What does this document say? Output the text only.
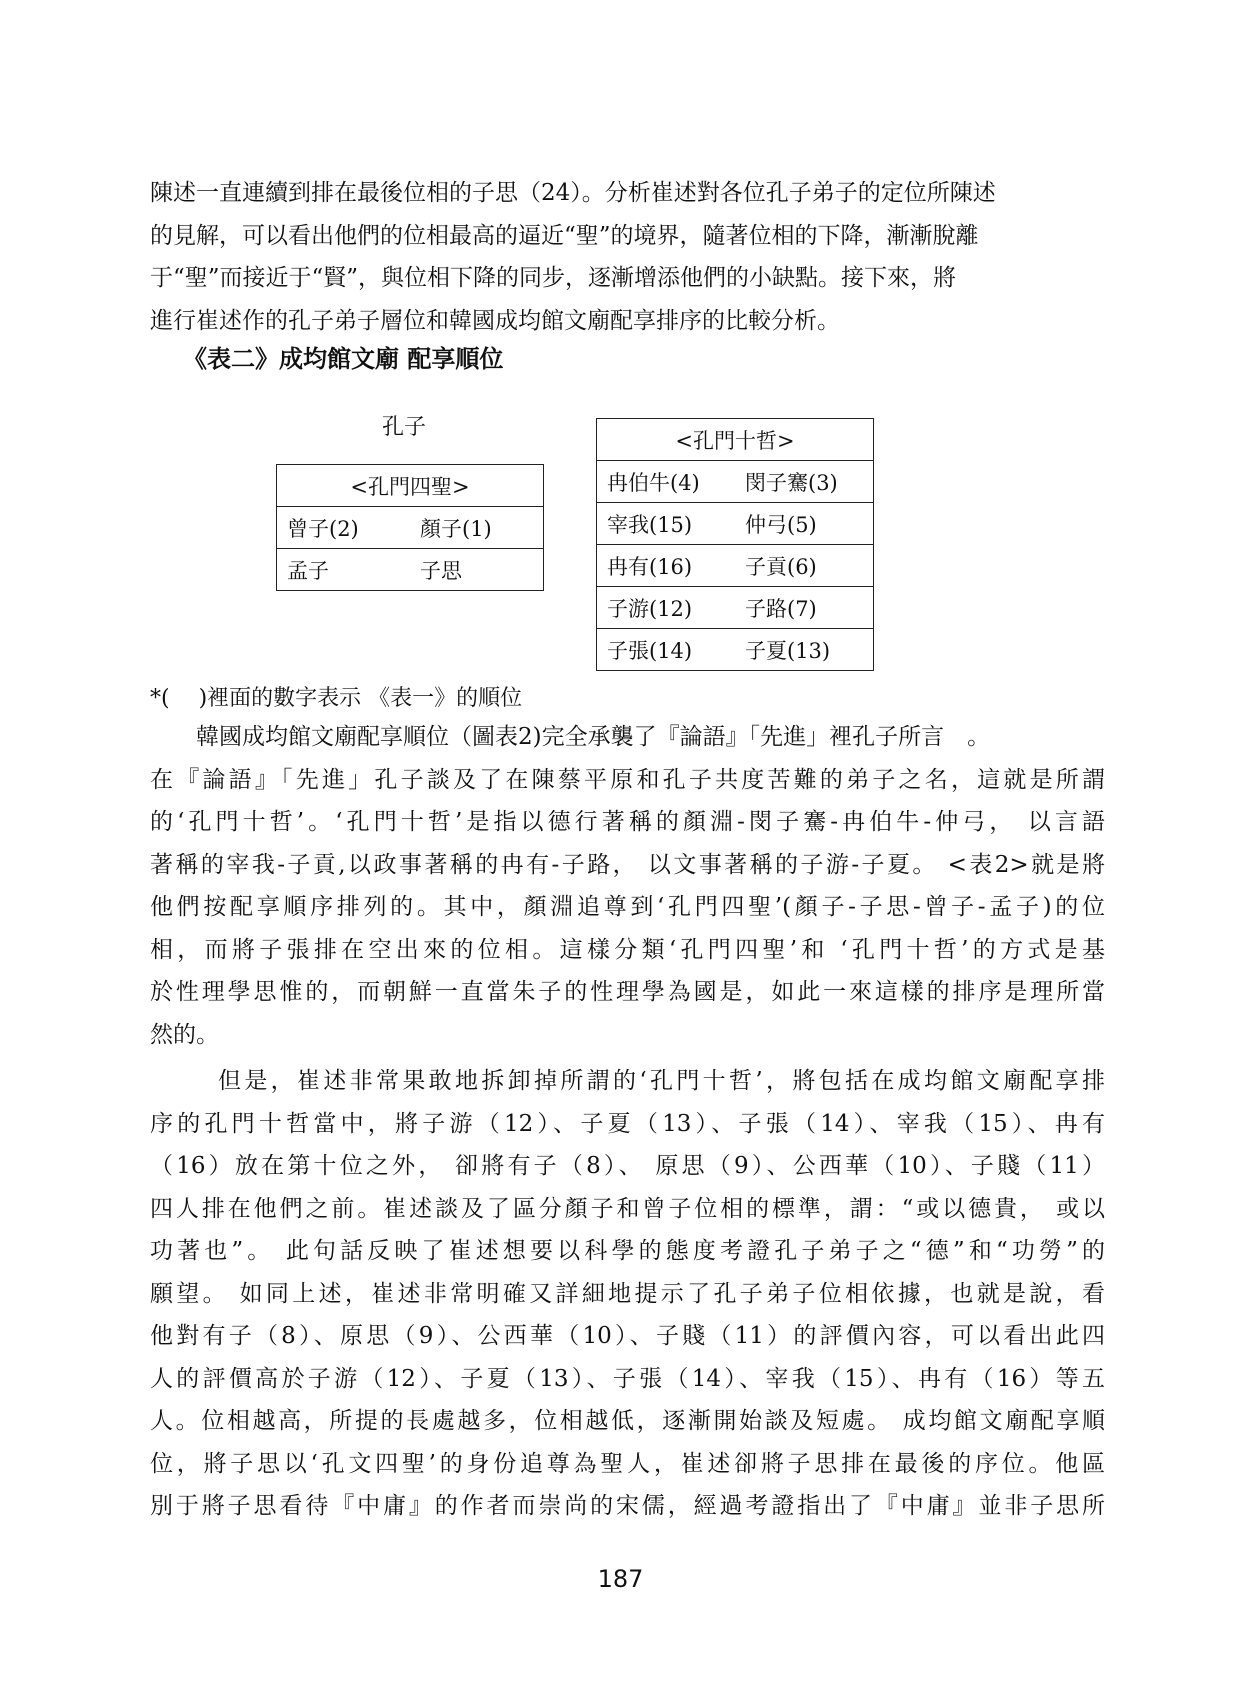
陳述一直連續到排在最後位相的子思（24）。分析崔述對各位孔子弟子的定位所陳述
的見解，可以看出他們的位相最高的逼近“聖”的境界，隨著位相的下降，漸漸脫離
于“聖”而接近于“賢”，與位相下降的同步，逐漸增添他們的小缺點。接下來，將
進行崔述作的孔子弟子層位和韓國成均館文廟配享排序的比較分析。
《表二》成均館文廟 配享順位
孔子
<孔門四聖>	
曾子(2)	顏子(1)
孟子	子思
<孔門十哲>	
冉伯牛(4)	閔子騫(3)
宰我(15)	仲弓(5)
冉有(16)	子貢(6)
子游(12)	子路(7)
子張(14)	子夏(13)
*(　 )裡面的數字表示 《表一》的順位
韓國成均館文廟配享順位（圖表2)完全承襲了『論語』「先進」裡孔子所言　。
在『論語』「先進」孔子談及了在陳蔡平原和孔子共度苦難的弟子之名，這就是所謂
的‘孔門十哲’。‘孔門十哲’是指以德行著稱的顏淵-閔子騫-冉伯牛-仲弓， 以言語
著稱的宰我-子貢,以政事著稱的冉有-子路， 以文事著稱的子游-子夏。 <表2>就是將
他們按配享順序排列的。其中，顏淵追尊到‘孔門四聖’(顏子-子思-曾子-孟子)的位
相，而將子張排在空出來的位相。這樣分類‘孔門四聖’和 ‘孔門十哲’的方式是基
於性理學思惟的，而朝鮮一直當朱子的性理學為國是，如此一來這樣的排序是理所當
然的。
但是，崔述非常果敢地拆卸掉所謂的‘孔門十哲’，將包括在成均館文廟配享排
序的孔門十哲當中，將子游（12）、子夏（13）、子張（14）、宰我（15）、冉有
（16）放在第十位之外， 卻將有子（8）、 原思（9）、公西華（10）、子賤（11）
四人排在他們之前。崔述談及了區分顏子和曾子位相的標準，謂：“或以德貴， 或以
功著也”。 此句話反映了崔述想要以科學的態度考證孔子弟子之“德”和“功勞”的
願望。 如同上述，崔述非常明確又詳細地提示了孔子弟子位相依據，也就是說，看
他對有子（8）、原思（9）、公西華（10）、子賤（11）的評價內容，可以看出此四
人的評價高於子游（12）、子夏（13）、子張（14）、宰我（15）、冉有（16）等五
人。位相越高，所提的長處越多，位相越低，逐漸開始談及短處。 成均館文廟配享順
位，將子思以‘孔文四聖’的身份追尊為聖人，崔述卻將子思排在最後的序位。他區
別于將子思看待『中庸』的作者而崇尚的宋儒，經過考證指出了『中庸』並非子思所
187
